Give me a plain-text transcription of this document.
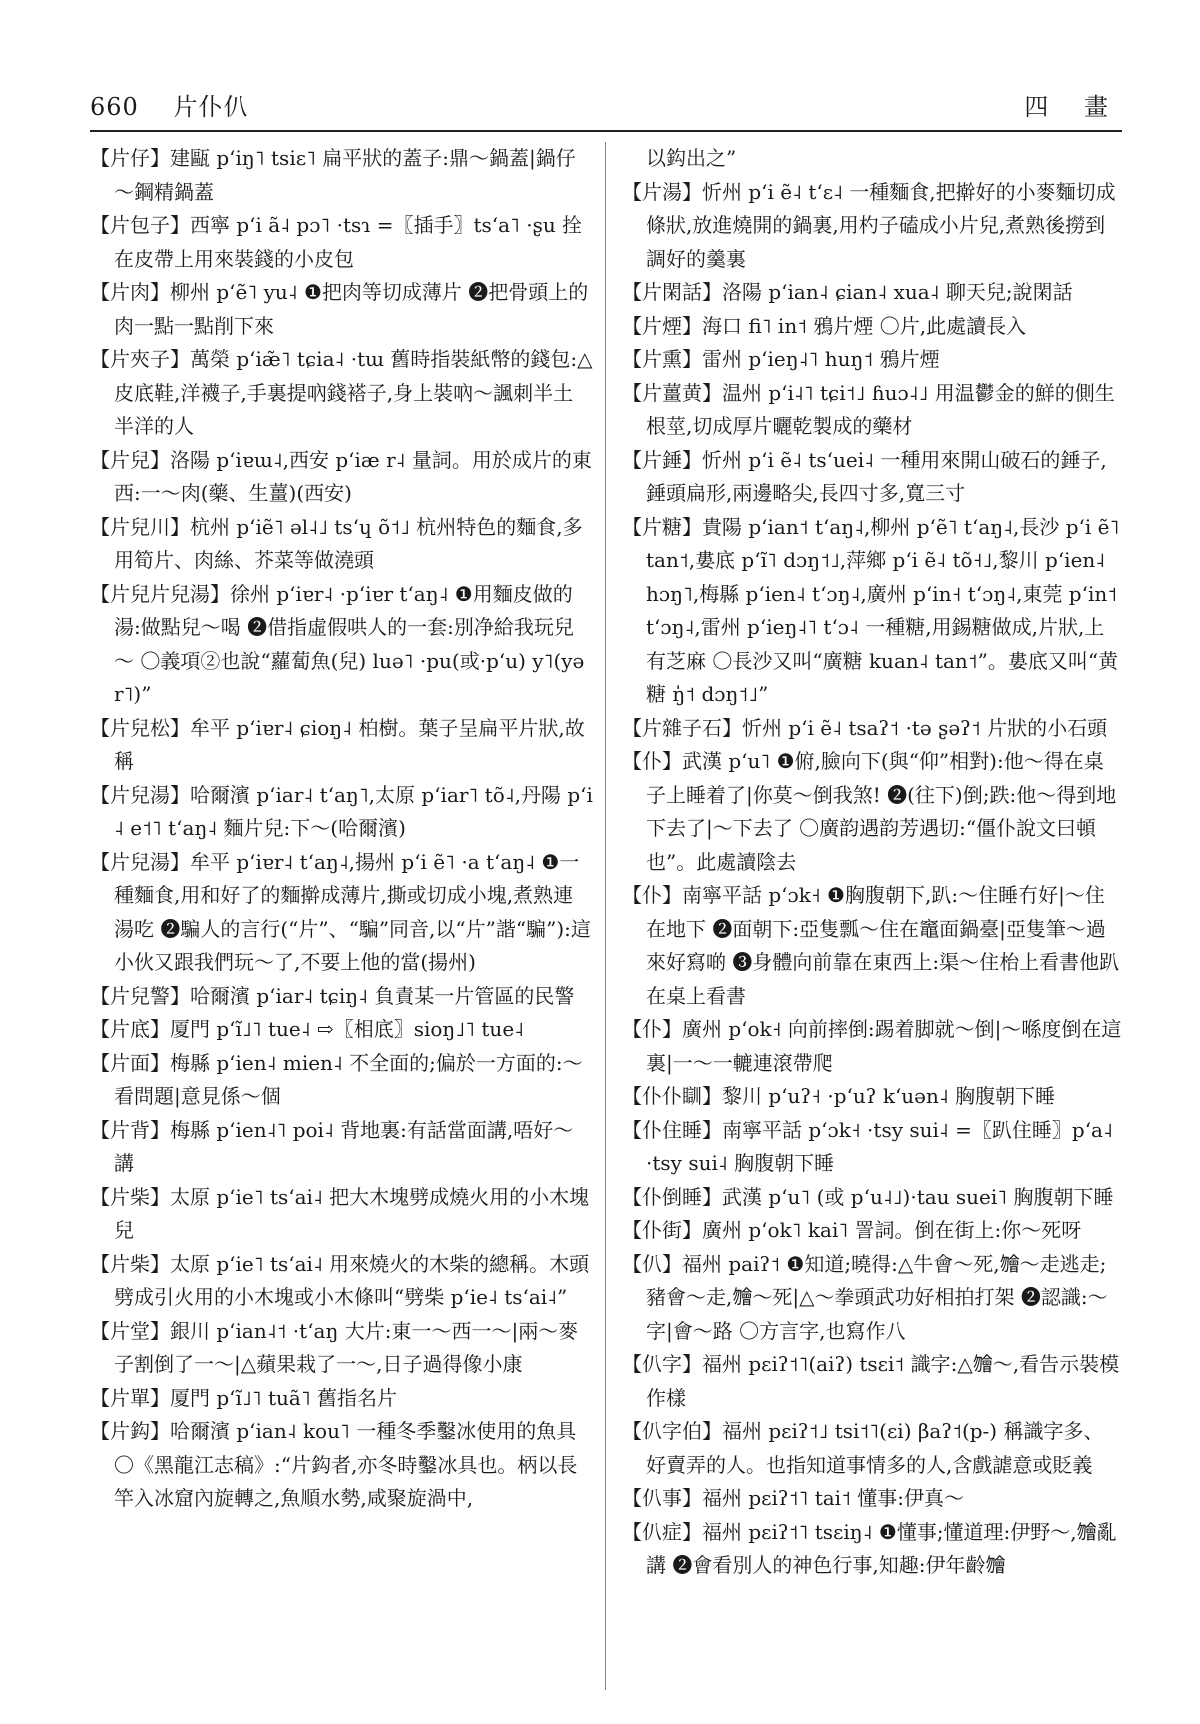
660 片仆仈	四 畫
【片仔】建甌 pʻiŋ˥ tsiɛ˥ 扁平狀的蓋子:鼎～鍋蓋|鍋仔～鋼精鍋蓋
【片包子】西寧 pʻi ã˨ pɔ˥ ·tsɿ =〖插手〗tsʻa˥ ·ʂu 拴在皮帶上用來裝錢的小皮包
【片肉】柳州 pʻẽ˥ yu˨ ❶把肉等切成薄片 ❷把骨頭上的肉一點一點削下來
【片夾子】萬榮 pʻiæ̃˥ tɕia˨ ·tɯ 舊時指裝紙幣的錢包:△皮底鞋,洋襪子,手裏提吶錢褡子,身上裝吶～諷刺半土半洋的人
【片兒】洛陽 pʻiɐɯ˨,西安 pʻiæ r˨ 量詞。用於成片的東西:一～肉(藥、生薑)(西安)
【片兒川】杭州 pʻiẽ˥ əl˨˩ tsʻɥ õ˦˩ 杭州特色的麵食,多用筍片、肉絲、芥菜等做澆頭
【片兒片兒湯】徐州 pʻiɐr˨ ·pʻiɐr tʻaŋ˨ ❶用麵皮做的湯:做點兒～喝 ❷借指虛假哄人的一套:別净給我玩兒～ 〇義項②也說“蘿蔔魚(兒) luə˥ ·pu(或·pʻu) y˥(yər˥)”
【片兒松】牟平 pʻiɐr˨ ɕioŋ˨ 柏樹。葉子呈扁平片狀,故稱
【片兒湯】哈爾濱 pʻiar˨ tʻaŋ˥,太原 pʻiar˥ tõ˨,丹陽 pʻi˨ e˦˥ tʻaŋ˨ 麵片兒:下～(哈爾濱)
【片兒湯】牟平 pʻiɐr˨ tʻaŋ˨,揚州 pʻi ẽ˥ ·a tʻaŋ˨ ❶一種麵食,用和好了的麵擀成薄片,撕或切成小塊,煮熟連湯吃 ❷騙人的言行(“片”、“騙”同音,以“片”諧“騙”):這小伙又跟我們玩～了,不要上他的當(揚州)
【片兒警】哈爾濱 pʻiar˨ tɕiŋ˨ 負責某一片管區的民警
【片底】厦門 pʻĩ˩˥ tue˨ ⇨〖相底〗sioŋ˩˥ tue˨
【片面】梅縣 pʻien˨ mien˨ 不全面的;偏於一方面的:～看問題|意見係～個
【片背】梅縣 pʻien˨˥ poi˨ 背地裏:有話當面講,唔好～講
【片柴】太原 pʻie˥ tsʻai˨ 把大木塊劈成燒火用的小木塊兒
【片柴】太原 pʻie˥ tsʻai˨ 用來燒火的木柴的總稱。木頭劈成引火用的小木塊或小木條叫“劈柴 pʻie˨ tsʻai˨”
【片堂】銀川 pʻian˨˦ ·tʻaŋ 大片:東一～西一～|兩～麥子割倒了一～|△蘋果栽了一～,日子過得像小康
【片單】厦門 pʻĩ˩˥ tuã˥ 舊指名片
【片鈎】哈爾濱 pʻian˨ kou˥ 一種冬季鑿冰使用的魚具 〇《黑龍江志稿》:“片鈎者,亦冬時鑿冰具也。柄以長竿入冰窟內旋轉之,魚順水勢,咸聚旋渦中,
以鈎出之”
【片湯】忻州 pʻi ẽ˨ tʻɛ˨ 一種麵食,把擀好的小麥麵切成條狀,放進燒開的鍋裏,用杓子磕成小片兒,煮熟後撈到調好的羹裏
【片閑話】洛陽 pʻian˨ ɕian˨ xua˨ 聊天兒;說閑話
【片煙】海口 fi˥ in˦ 鴉片煙 〇片,此處讀長入
【片熏】雷州 pʻieŋ˨˥ huŋ˦ 鴉片煙
【片薑黄】温州 pʻi˨˥ tɕi˦˩ ɦuɔ˨˩ 用温鬱金的鮮的側生根莖,切成厚片曬乾製成的藥材
【片錘】忻州 pʻi ẽ˨ tsʻuei˨ 一種用來開山破石的錘子,錘頭扁形,兩邊略尖,長四寸多,寬三寸
【片糖】貴陽 pʻian˦ tʻaŋ˨,柳州 pʻẽ˥ tʻaŋ˨,長沙 pʻi ẽ˥ tan˦,婁底 pʻĩ˥ dɔŋ˦˩,萍鄉 pʻi ẽ˨ tõ˧˩,黎川 pʻien˨ hɔŋ˥,梅縣 pʻien˨ tʻɔŋ˨,廣州 pʻin˧ tʻɔŋ˨,東莞 pʻin˦ tʻɔŋ˨,雷州 pʻieŋ˨˥ tʻɔ˨ 一種糖,用錫糖做成,片狀,上有芝麻 〇長沙又叫“廣糖 kuan˨ tan˦”。婁底又叫“黄糖 ŋ̍˦ dɔŋ˦˩”
【片雜子石】忻州 pʻi ẽ˨ tsaʔ˦ ·tə ʂəʔ˦ 片狀的小石頭
【仆】武漢 pʻu˥ ❶俯,臉向下(與“仰”相對):他～得在桌子上睡着了|你莫～倒我煞! ❷(往下)倒;跌:他～得到地下去了|～下去了 〇廣韵遇韵芳遇切:“僵仆說文曰頓也”。此處讀陰去
【仆】南寧平話 pʻɔk˧ ❶胸腹朝下,趴:～住睡冇好|～住在地下 ❷面朝下:亞隻瓢～住在竈面鍋臺|亞隻筆～過來好寫啲 ❸身體向前靠在東西上:渠～住枱上看書他趴在桌上看書
【仆】廣州 pʻok˧ 向前摔倒:踢着脚就～倒|～喺度倒在這裏|一～一轆連滾帶爬
【仆仆瞓】黎川 pʻuʔ˧ ·pʻuʔ kʻuən˨ 胸腹朝下睡
【仆住睡】南寧平話 pʻɔk˧ ·tsy sui˨ =〖趴住睡〗pʻa˨ ·tsy sui˨ 胸腹朝下睡
【仆倒睡】武漢 pʻu˥ (或 pʻu˨˩)·tau suei˥ 胸腹朝下睡
【仆街】廣州 pʻok˥ kai˥ 詈詞。倒在街上:你～死呀
【仈】福州 paiʔ˦ ❶知道;曉得:△牛會～死,𣍐～走逃走;豬會～走,𣍐～死|△～拳頭武功好相拍打架 ❷認識:～字|會～路 〇方言字,也寫作八
【仈字】福州 pɛiʔ˦˥(aiʔ) tsɛi˦ 識字:△𣍐～,看告示裝模作樣
【仈字伯】福州 pɛiʔ˦˩ tsi˦˥(ɛi) βaʔ˦(p-) 稱識字多、好賣弄的人。也指知道事情多的人,含戲謔意或貶義
【仈事】福州 pɛiʔ˦˥ tai˦ 懂事:伊真～
【仈症】福州 pɛiʔ˦˥ tsɛiŋ˨ ❶懂事;懂道理:伊野～,𣍐亂講 ❷會看別人的神色行事,知趣:伊年齡𣍐
